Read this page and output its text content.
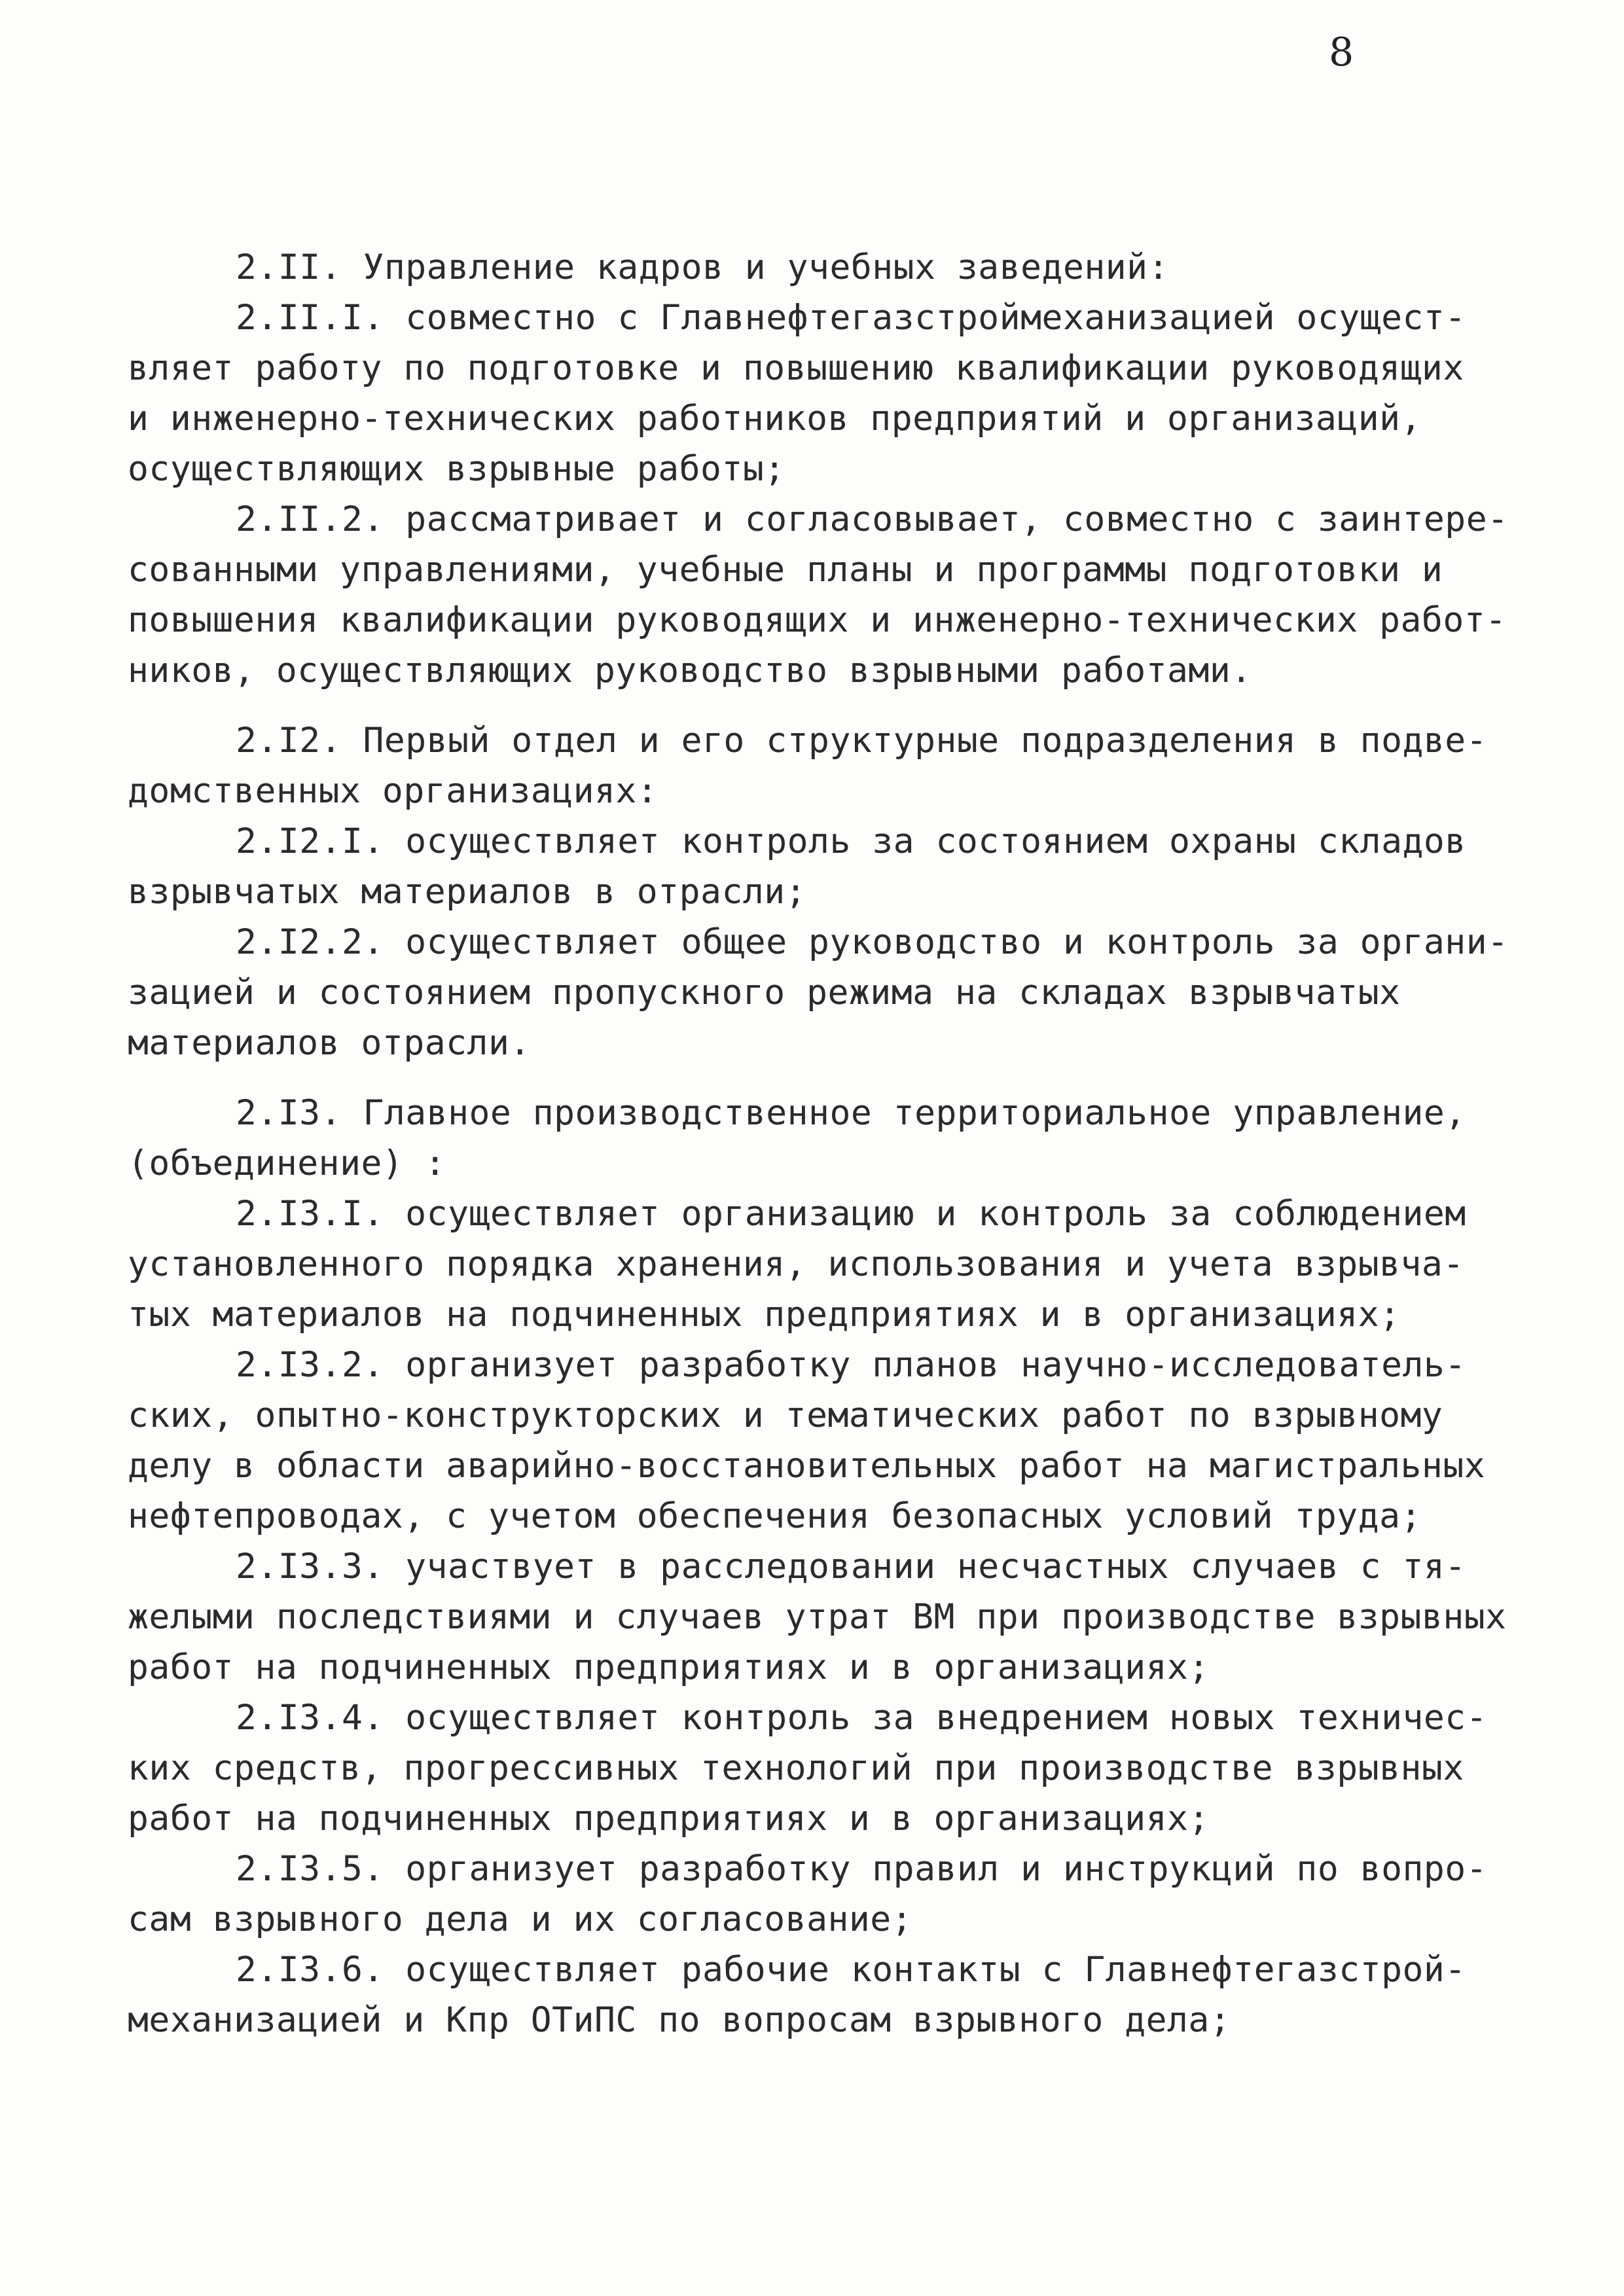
8
2.II. Управление кадров и учебных заведений:
2.II.I. совместно с Главнефтегазстроймеханизацией осущест-
вляет работу по подготовке и повышению квалификации руководящих
и инженерно-технических работников предприятий и организаций,
осуществляющих взрывные работы;
2.II.2. рассматривает и согласовывает, совместно с заинтере-
сованными управлениями, учебные планы и программы подготовки и
повышения квалификации руководящих и инженерно-технических работ-
ников, осуществляющих руководство взрывными работами.
2.I2. Первый отдел и его структурные подразделения в подве-
домственных организациях:
2.I2.I. осуществляет контроль за состоянием охраны складов
взрывчатых материалов в отрасли;
2.I2.2. осуществляет общее руководство и контроль за органи-
зацией и состоянием пропускного режима на складах взрывчатых
материалов отрасли.
2.I3. Главное производственное территориальное управление,
(объединение) :
2.I3.I. осуществляет организацию и контроль за соблюдением
установленного порядка хранения, использования и учета взрывча-
тых материалов на подчиненных предприятиях и в организациях;
2.I3.2. организует разработку планов научно-исследователь-
ских, опытно-конструкторских и тематических работ по взрывному
делу в области аварийно-восстановительных работ на магистральных
нефтепроводах, с учетом обеспечения безопасных условий труда;
2.I3.3. участвует в расследовании несчастных случаев с тя-
желыми последствиями и случаев утрат ВМ при производстве взрывных
работ на подчиненных предприятиях и в организациях;
2.I3.4. осуществляет контроль за внедрением новых техничес-
ких средств, прогрессивных технологий при производстве взрывных
работ на подчиненных предприятиях и в организациях;
2.I3.5. организует разработку правил и инструкций по вопро-
сам взрывного дела и их согласование;
2.I3.6. осуществляет рабочие контакты с Главнефтегазстрой-
механизацией и Кпр ОТиПС по вопросам взрывного дела;
